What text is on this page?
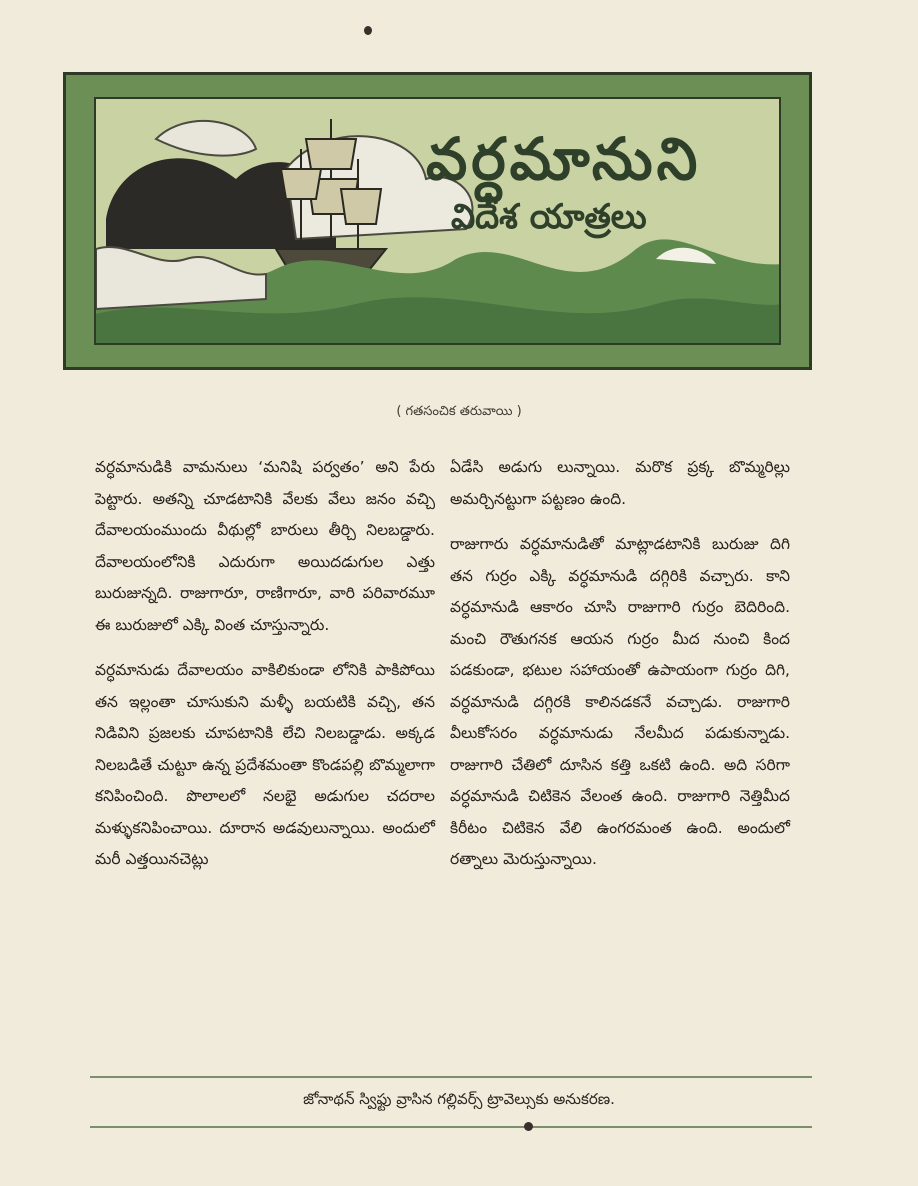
వర్ధమానుని
విదేశ యాత్రలు
( గతసంచిక తరువాయి )

వర్ధమానుడికి వామనులు ‘మనిషి పర్వతం’ అని పేరు పెట్టారు. అతన్ని చూడటానికి వేలకు వేలు జనం వచ్చి దేవాలయంముందు వీథుల్లో బారులు తీర్చి నిలబడ్డారు. దేవాలయంలోనికి ఎదురుగా అయిదడుగుల ఎత్తు బురుజున్నది. రాజుగారూ, రాణిగారూ, వారి పరివారమూ ఈ బురుజులో ఎక్కి వింత చూస్తున్నారు.

వర్ధమానుడు దేవాలయం వాకిలికుండా లోనికి పాకిపోయి తన ఇల్లంతా చూసుకుని మళ్ళీ బయటికి వచ్చి, తన నిడివిని ప్రజలకు చూపటానికి లేచి నిలబడ్డాడు. అక్కడ నిలబడితే చుట్టూ ఉన్న ప్రదేశమంతా కొండపల్లి బొమ్మలాగా కనిపించింది. పొలాలలో నలభై అడుగుల చదరాల మళ్ళుకనిపించాయి. దూరాన అడవులున్నాయి. అందులో మరీ ఎత్తయినచెట్లు

ఏడేసి అడుగు లున్నాయి. మరొక ప్రక్క బొమ్మరిల్లు అమర్చినట్టుగా పట్టణం ఉంది.

రాజుగారు వర్ధమానుడితో మాట్లాడటానికి బురుజు దిగి తన గుర్రం ఎక్కి వర్ధమానుడి దగ్గిరికి వచ్చారు. కాని వర్ధమానుడి ఆకారం చూసి రాజుగారి గుర్రం బెదిరింది. మంచి రౌతుగనక ఆయన గుర్రం మీద నుంచి కింద పడకుండా, భటుల సహాయంతో ఉపాయంగా గుర్రం దిగి, వర్ధమానుడి దగ్గిరకి కాలినడకనే వచ్చాడు. రాజుగారి వీలుకోసరం వర్ధమానుడు నేలమీద పడుకున్నాడు. రాజుగారి చేతిలో దూసిన కత్తి ఒకటి ఉంది. అది సరిగా వర్ధమానుడి చిటికెన వేలంత ఉంది. రాజుగారి నెత్తిమీద కిరీటం చిటికెన వేలి ఉంగరమంత ఉంది. అందులో రత్నాలు మెరుస్తున్నాయి.

జోనాథన్ స్విఫ్టు వ్రాసిన గల్లివర్స్ ట్రావెల్సుకు అనుకరణ.
